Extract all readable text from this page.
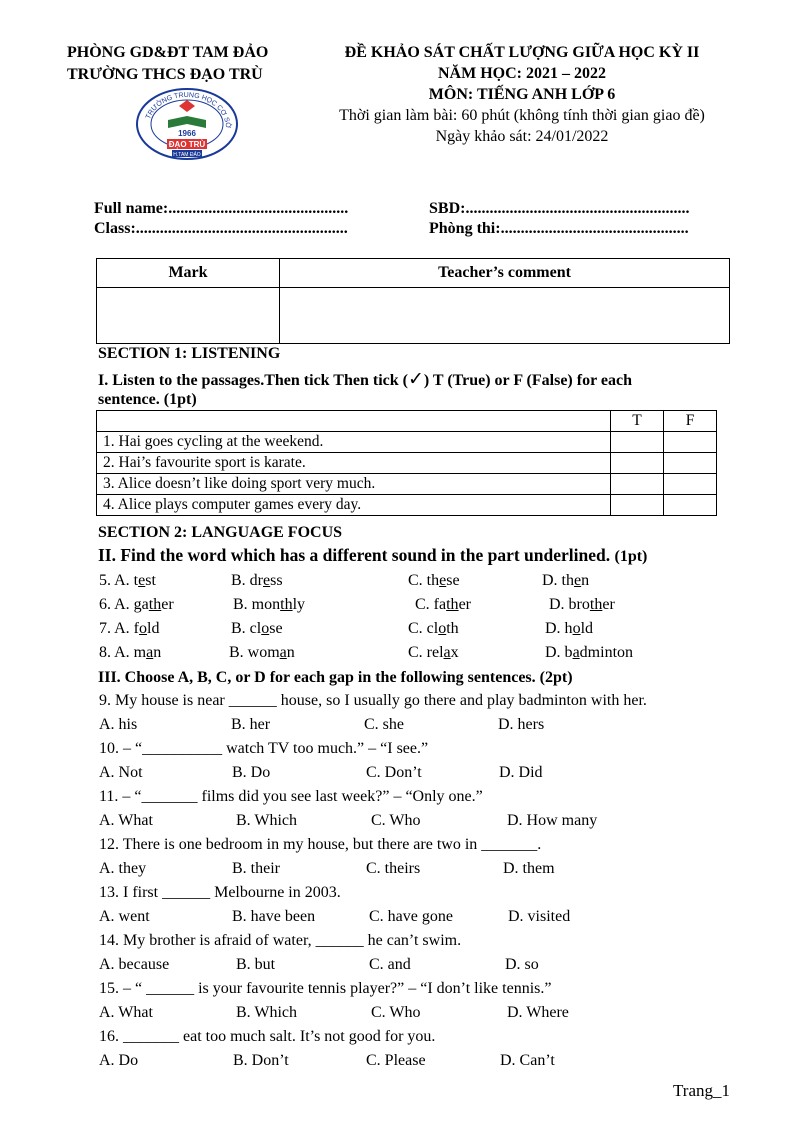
PHÒNG GD&ĐT TAM ĐẢO
TRƯỜNG THCS ĐẠO TRÙ
TRƯỜNG TRUNG HỌC CƠ SỞ
1966
ĐẠO TRÙ
H.TAM ĐẢO
ĐỀ KHẢO SÁT CHẤT LƯỢNG GIỮA HỌC KỲ II
NĂM HỌC: 2021 – 2022
MÔN: TIẾNG ANH LỚP 6
Thời gian làm bài: 60 phút (không tính thời gian giao đề)
Ngày khảo sát: 24/01/2022
Full name:.............................................	SBD:........................................................
Class:.....................................................	Phòng thi:...............................................
Mark	Teacher’s comment

SECTION 1: LISTENING
I. Listen to the passages.Then tick Then tick (✓) T (True) or F (False) for each
sentence. (1pt)
	T	F
1. Hai goes cycling at the weekend.		
2. Hai’s favourite sport is karate.		
3. Alice doesn’t like doing sport very much.		
4. Alice plays computer games every day.		
SECTION 2: LANGUAGE FOCUS
II. Find the word which has a different sound in the part underlined. (1pt)
5. A. test	B. dress	C. these	D. then
6. A. gather	B. monthly	C. father	D. brother
7. A. fold	B. close	C. cloth	D. hold
8. A. man	B. woman	C. relax	D. badminton
III. Choose A, B, C, or D for each gap in the following sentences. (2pt)
9. My house is near ______ house, so I usually go there and play badminton with her.
A. his	B. her	C. she	D. hers
10. – “__________ watch TV too much.” – “I see.”
A. Not	B. Do	C. Don’t	D. Did
11. – “_______ films did you see last week?” – “Only one.”
A. What	B. Which	C. Who	D. How many
12. There is one bedroom in my house, but there are two in _______.
A. they	B. their	C. theirs	D. them
13. I first ______ Melbourne in 2003.
A. went	B. have been	C. have gone	D. visited
14. My brother is afraid of water, ______ he can’t swim.
A. because	B. but	C. and	D. so
15. – “ ______ is your favourite tennis player?” – “I don’t like tennis.”
A. What	B. Which	C. Who	D. Where
16. _______ eat too much salt. It’s not good for you.
A. Do	B. Don’t	C. Please	D. Can’t
Trang_1
